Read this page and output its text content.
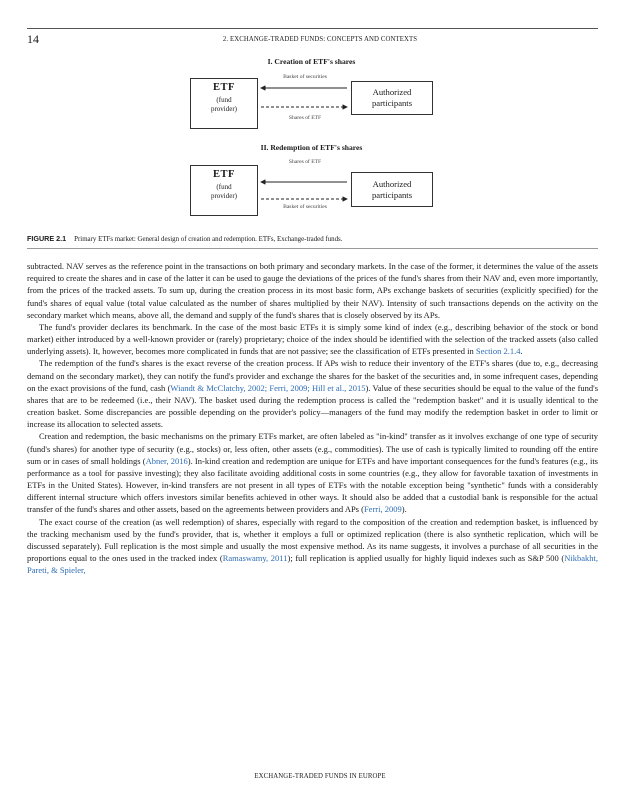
14	2. EXCHANGE-TRADED FUNDS: CONCEPTS AND CONTEXTS
I. Creation of ETF's shares
Basket of securities
Shares of ETF
ETF
(fund
provider)
Authorized
participants
II. Redemption of ETF's shares
Shares of ETF
Basket of securities
ETF
(fund
provider)
Authorized
participants
FIGURE 2.1 Primary ETFs market: General design of creation and redemption. ETFs, Exchange-traded funds.

subtracted. NAV serves as the reference point in the transactions on both primary and secondary markets. In the case of the former, it determines the value of the assets required to create the shares and in case of the latter it can be used to gauge the deviations of the prices of the fund's shares from their NAV and, even more importantly, from the prices of the tracked assets. To sum up, during the creation process in its most basic form, APs exchange baskets of securities (explicitly specified) for the fund's shares of equal value (total value calculated as the number of shares multiplied by their NAV). Intensity of such transactions depends on the activity on the secondary market which means, above all, the demand and supply of the fund's shares that is closely observed by its APs.

The fund's provider declares its benchmark. In the case of the most basic ETFs it is simply some kind of index (e.g., describing behavior of the stock or bond market) either introduced by a well-known provider or (rarely) proprietary; choice of the index should be identified with the selection of the tracked assets (also called underlying assets). It, however, becomes more complicated in funds that are not passive; see the classification of ETFs presented in Section 2.1.4.

The redemption of the fund's shares is the exact reverse of the creation process. If APs wish to reduce their inventory of the ETF's shares (due to, e.g., decreasing demand on the secondary market), they can notify the fund's provider and exchange the shares for the basket of the securities and, in some infrequent cases, depending on the exact provisions of the fund, cash (Wiandt & McClatchy, 2002; Ferri, 2009; Hill et al., 2015). Value of these securities should be equal to the value of the fund's shares that are to be redeemed (i.e., their NAV). The basket used during the redemption process is called the "redemption basket" and it is usually identical to the creation basket. Some discrepancies are possible depending on the provider's policy—managers of the fund may modify the redemption basket in order to limit or increase its allocation to selected assets.

Creation and redemption, the basic mechanisms on the primary ETFs market, are often labeled as "in-kind" transfer as it involves exchange of one type of security (fund's shares) for another type of security (e.g., stocks) or, less often, other assets (e.g., commodities). The use of cash is typically limited to rounding off the entire sum or in cases of small holdings (Abner, 2016). In-kind creation and redemption are unique for ETFs and have important consequences for the fund's features (e.g., its performance as a tool for passive investing); they also facilitate avoiding additional costs in some countries (e.g., they allow for favorable taxation of investments in ETFs in the United States). However, in-kind transfers are not present in all types of ETFs with the notable exception being "synthetic" funds with a considerably different internal structure which offers investors similar benefits achieved in other ways. It should also be added that a custodial bank is responsible for the actual transfer of the fund's shares and other assets, based on the agreements between providers and APs (Ferri, 2009).

The exact course of the creation (as well redemption) of shares, especially with regard to the composition of the creation and redemption basket, is influenced by the tracking mechanism used by the fund's provider, that is, whether it employs a full or optimized replication (there is also synthetic replication, which will be discussed separately). Full replication is the most simple and usually the most expensive method. As its name suggests, it involves a purchase of all securities in the proportions equal to the ones used in the tracked index (Ramaswamy, 2011); full replication is applied usually for highly liquid indexes such as S&P 500 (Nikbakht, Pareti, & Spieler,

EXCHANGE-TRADED FUNDS IN EUROPE
